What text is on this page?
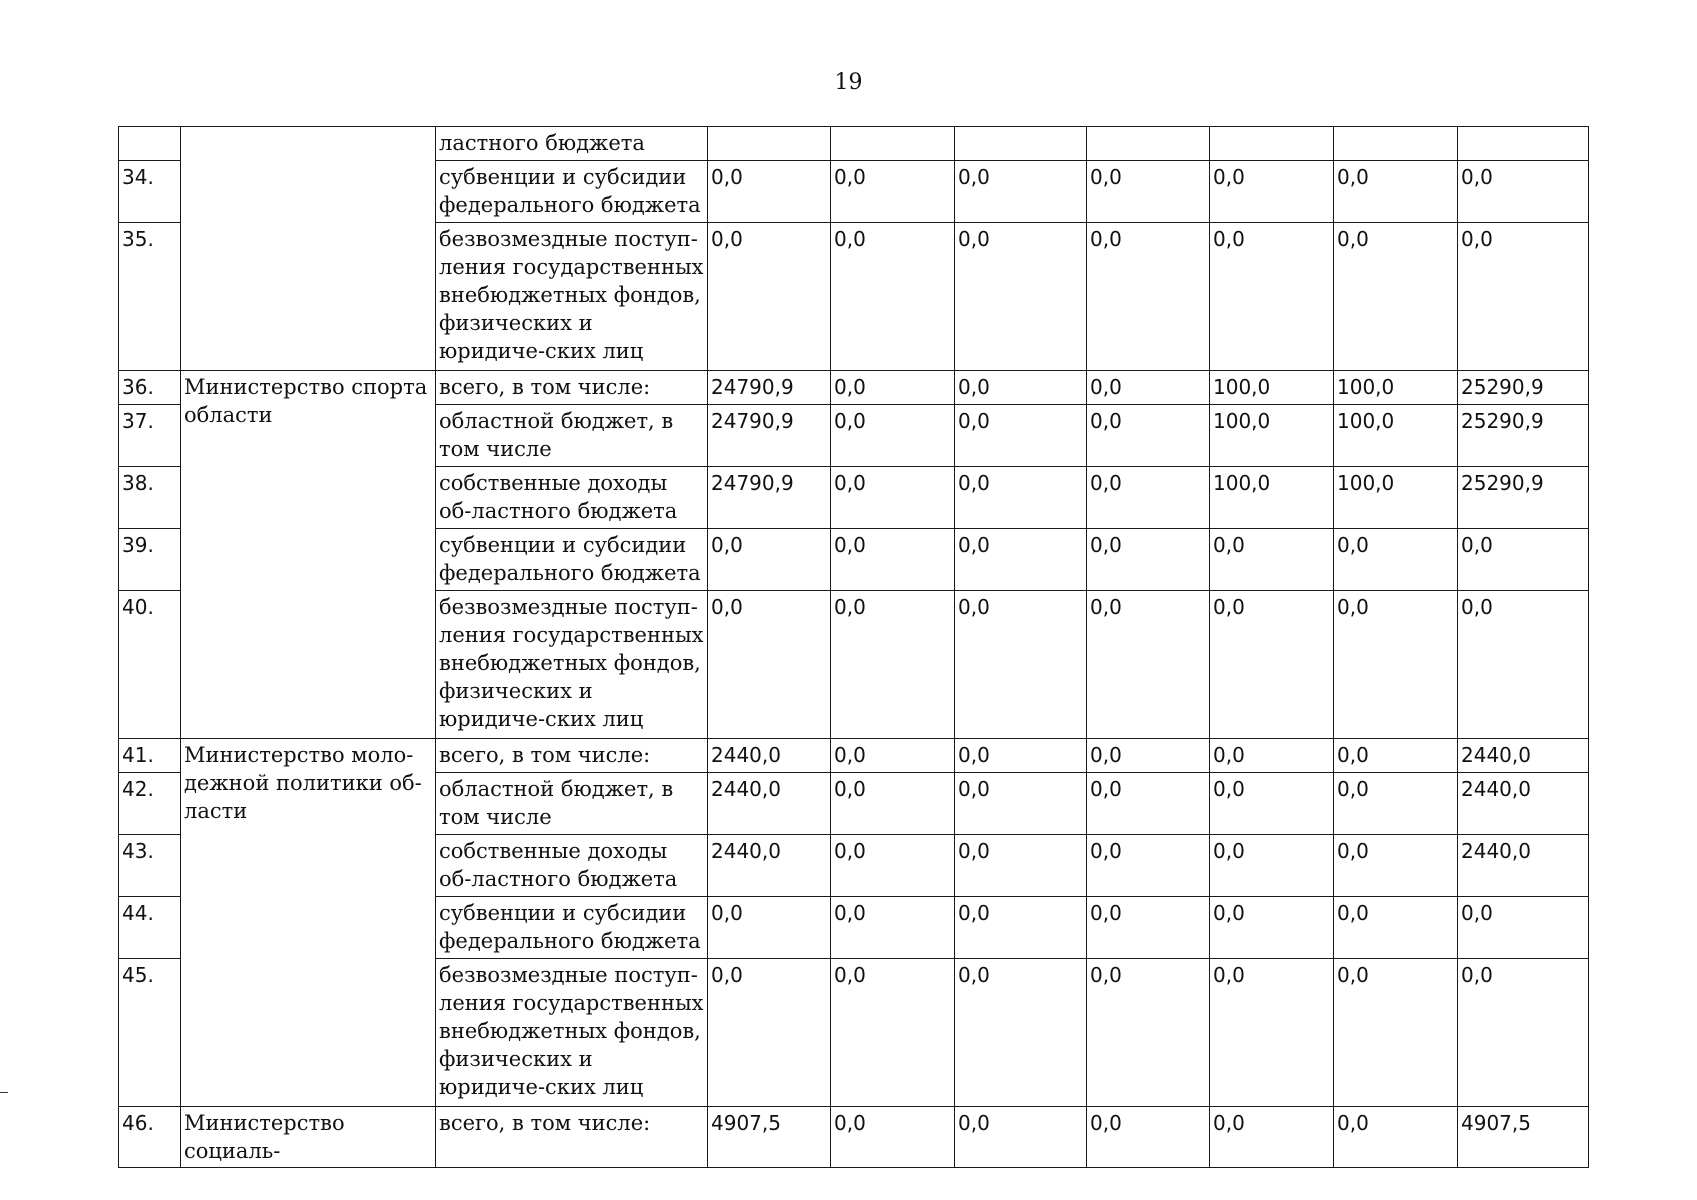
19
		ластного бюджета							
34.		субвенции и субсидии федерального бюджета	0,0	0,0	0,0	0,0	0,0	0,0	0,0
35.		безвозмездные поступ-ления государственных внебюджетных фондов, физических и юридиче-ских лиц	0,0	0,0	0,0	0,0	0,0	0,0	0,0
36.	Министерство спорта области	всего, в том числе:	24790,9	0,0	0,0	0,0	100,0	100,0	25290,9
37.		областной бюджет, в том числе	24790,9	0,0	0,0	0,0	100,0	100,0	25290,9
38.		собственные доходы об-ластного бюджета	24790,9	0,0	0,0	0,0	100,0	100,0	25290,9
39.		субвенции и субсидии федерального бюджета	0,0	0,0	0,0	0,0	0,0	0,0	0,0
40.		безвозмездные поступ-ления государственных внебюджетных фондов, физических и юридиче-ских лиц	0,0	0,0	0,0	0,0	0,0	0,0	0,0
41.	Министерство моло-дежной политики об-ласти	всего, в том числе:	2440,0	0,0	0,0	0,0	0,0	0,0	2440,0
42.		областной бюджет, в том числе	2440,0	0,0	0,0	0,0	0,0	0,0	2440,0
43.		собственные доходы об-ластного бюджета	2440,0	0,0	0,0	0,0	0,0	0,0	2440,0
44.		субвенции и субсидии федерального бюджета	0,0	0,0	0,0	0,0	0,0	0,0	0,0
45.		безвозмездные поступ-ления государственных внебюджетных фондов, физических и юридиче-ских лиц	0,0	0,0	0,0	0,0	0,0	0,0	0,0
46.	Министерство социаль-	всего, в том числе:	4907,5	0,0	0,0	0,0	0,0	0,0	4907,5
